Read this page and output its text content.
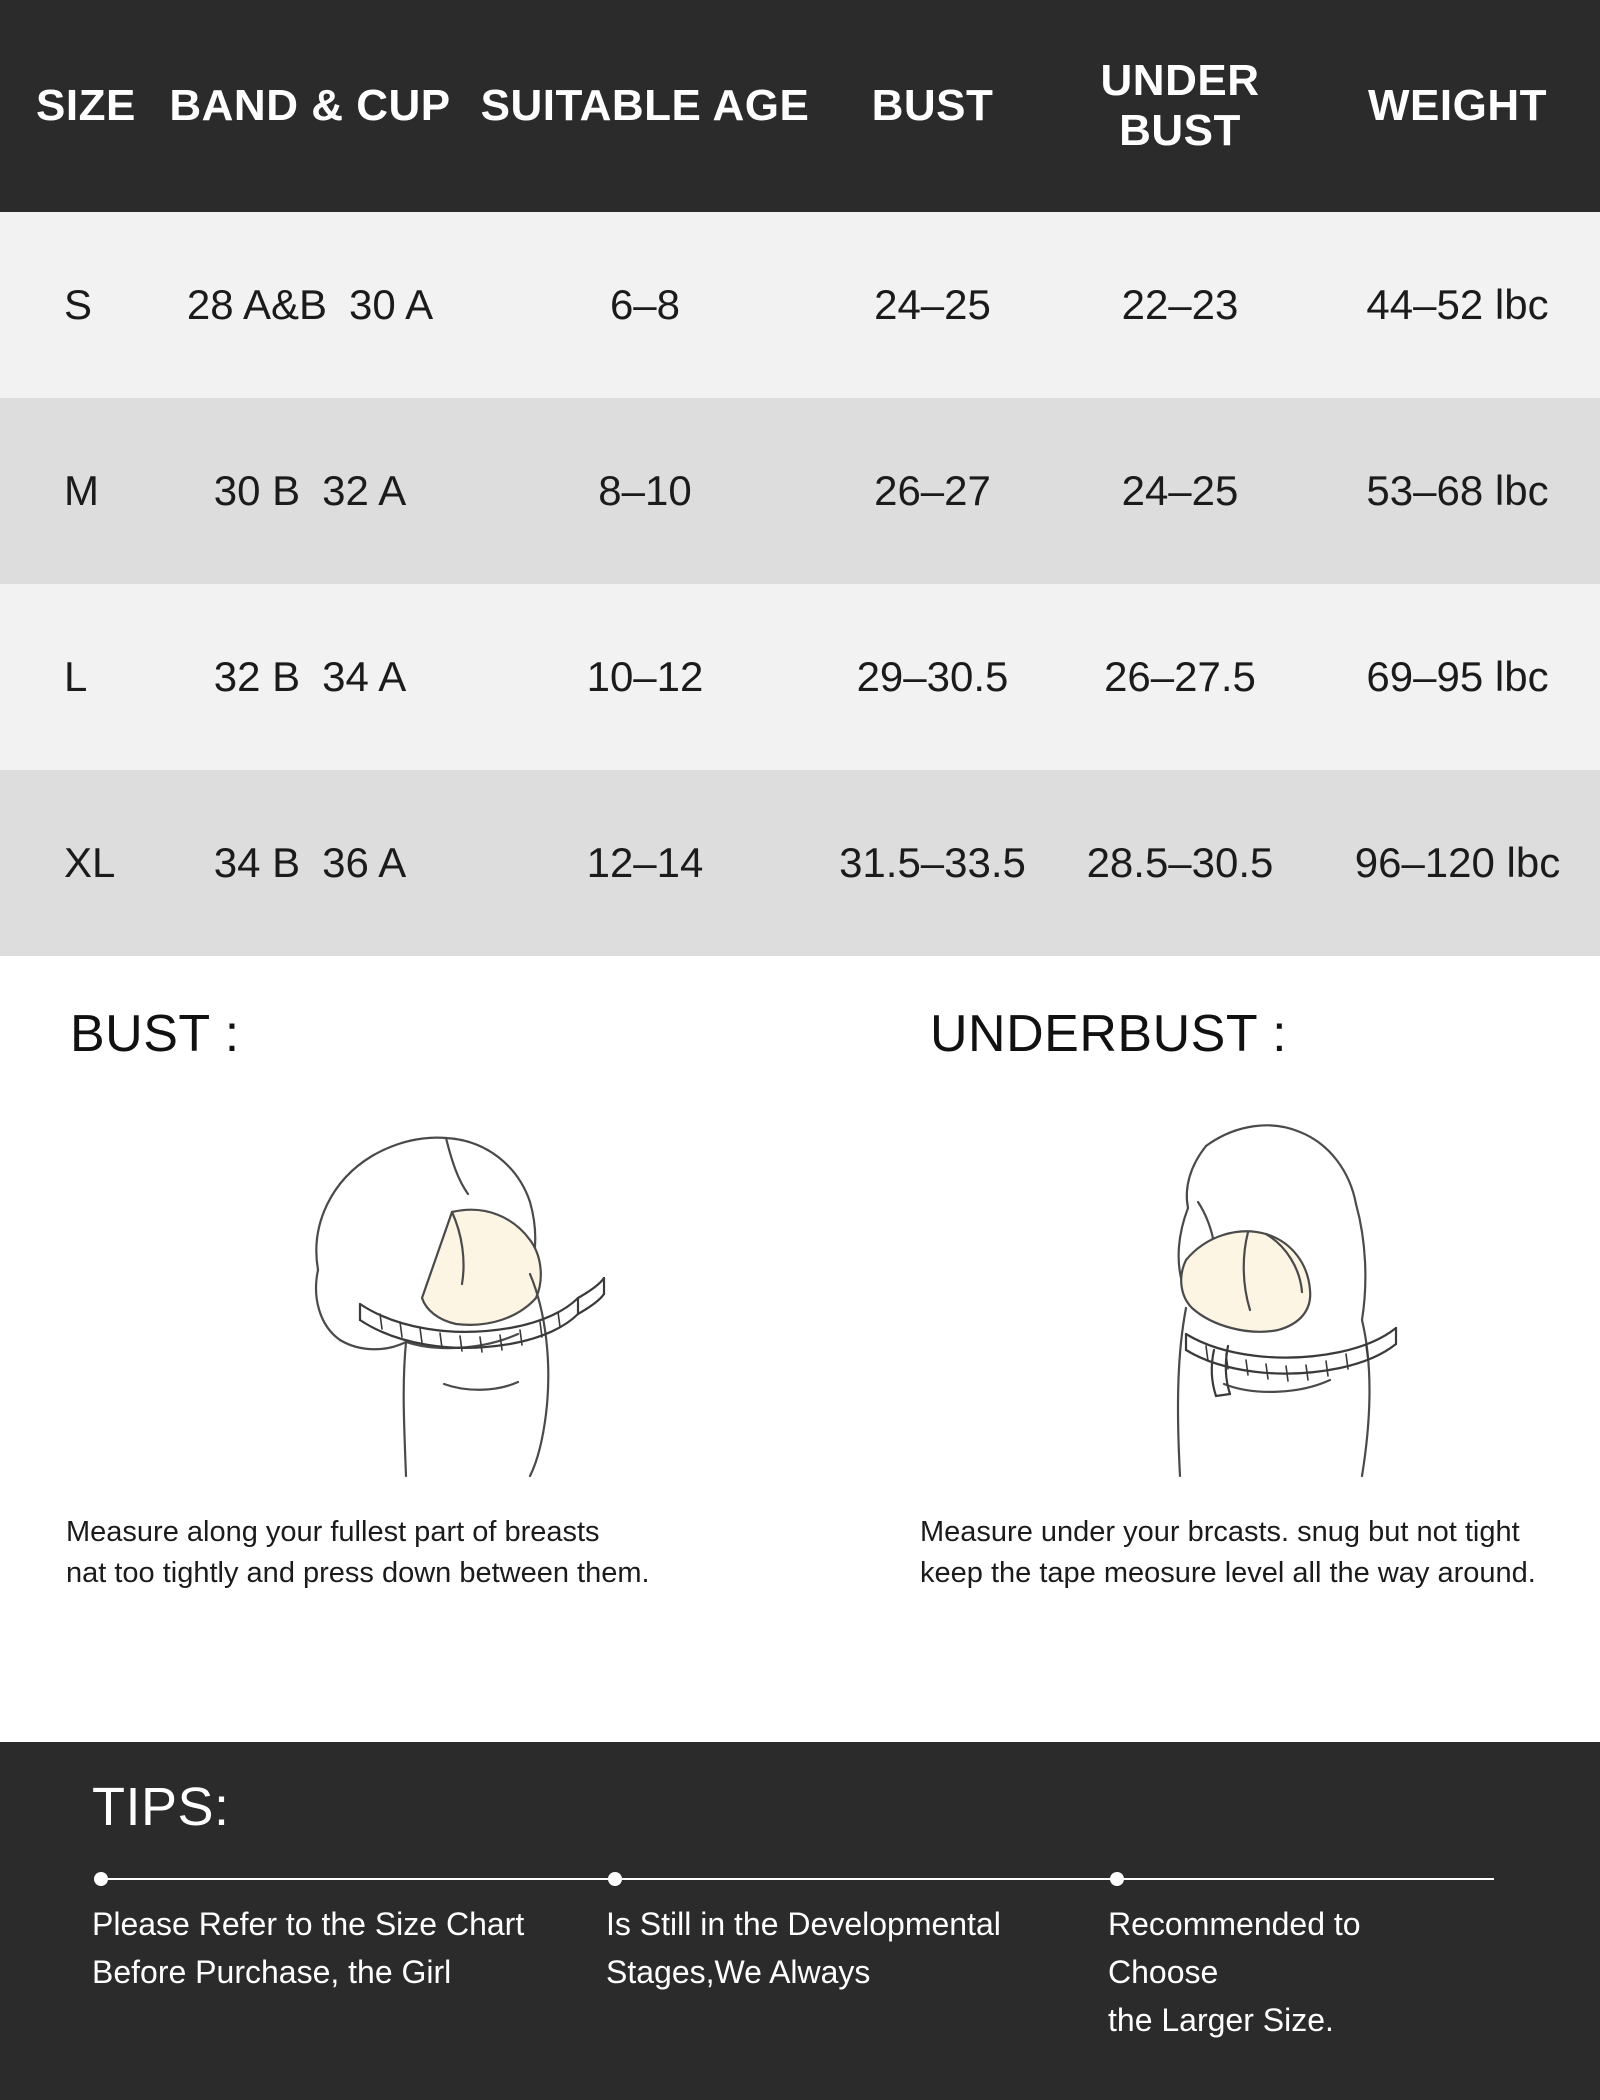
SIZE	BAND & CUP	SUITABLE AGE	BUST	UNDER BUST	WEIGHT
S	28 A&B 30 A	6–8	24–25	22–23	44–52 lbc
M	30 B 32 A	8–10	26–27	24–25	53–68 lbc
L	32 B 34 A	10–12	29–30.5	26–27.5	69–95 lbc
XL	34 B 36 A	12–14	31.5–33.5	28.5–30.5	96–120 lbc
BUST :
Measure along your fullest part of breasts
nat too tightly and press down between them.
UNDERBUST :
Measure under your brcasts. snug but not tight
keep the tape meosure level all the way around.
TIPS:
Please Refer to the Size Chart
Before Purchase, the Girl
Is Still in the Developmental
Stages,We Always
Recommended to Choose
the Larger Size.
